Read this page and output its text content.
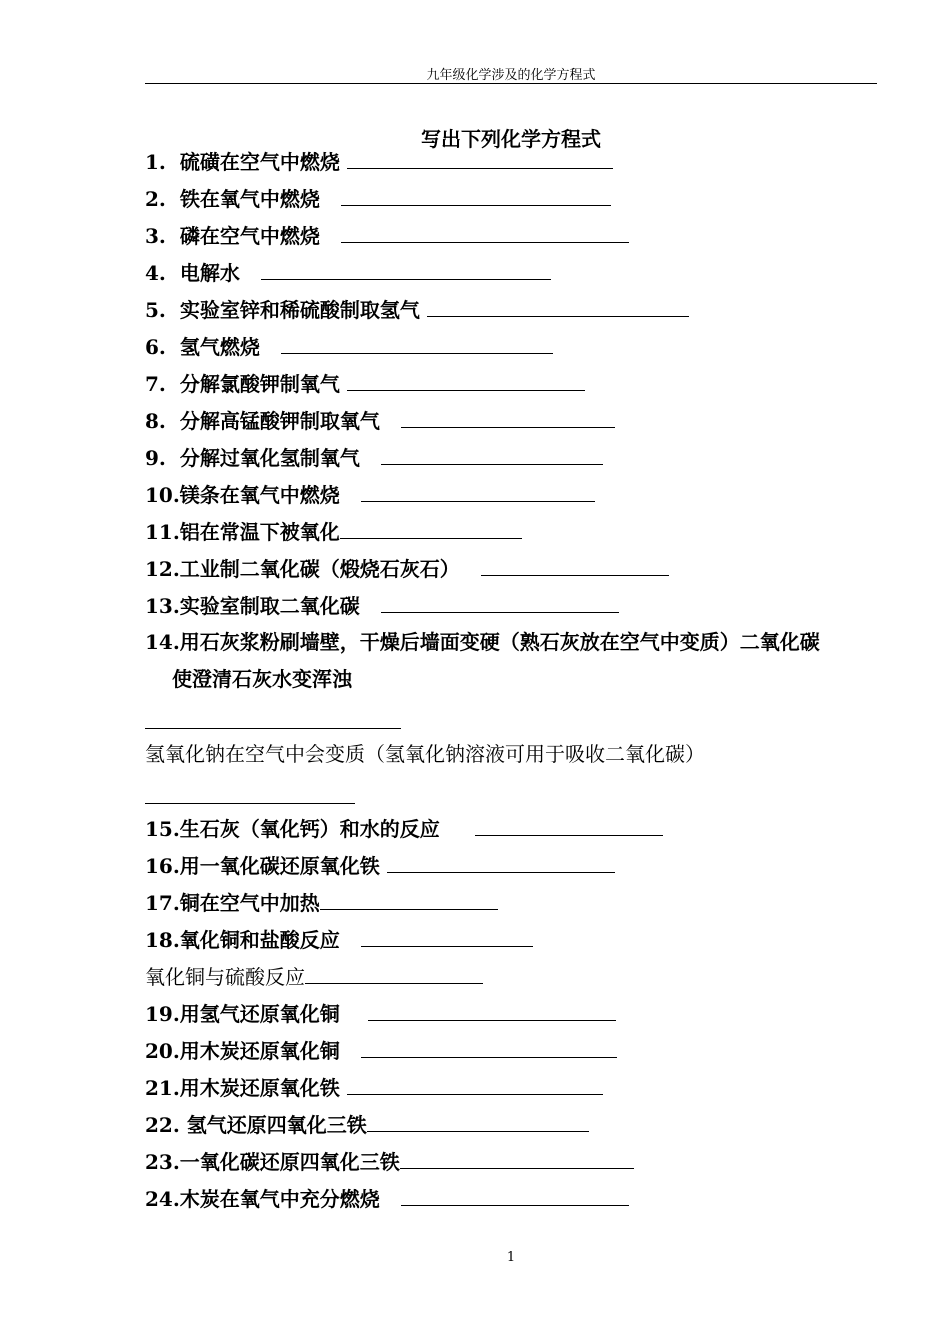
九年级化学涉及的化学方程式
写出下列化学方程式
1. 硫磺在空气中燃烧
2. 铁在氧气中燃烧
3. 磷在空气中燃烧
4. 电解水
5. 实验室锌和稀硫酸制取氢气
6. 氢气燃烧
7. 分解氯酸钾制氧气
8. 分解高锰酸钾制取氧气
9. 分解过氧化氢制氧气
10.镁条在氧气中燃烧
11.铝在常温下被氧化
12.工业制二氧化碳（煅烧石灰石）
13.实验室制取二氧化碳
14.用石灰浆粉刷墙壁，干燥后墙面变硬（熟石灰放在空气中变质）二氧化碳
使澄清石灰水变浑浊
氢氧化钠在空气中会变质（氢氧化钠溶液可用于吸收二氧化碳）
15.生石灰（氧化钙）和水的反应
16.用一氧化碳还原氧化铁
17.铜在空气中加热
18.氧化铜和盐酸反应
氧化铜与硫酸反应
19.用氢气还原氧化铜
20.用木炭还原氧化铜
21.用木炭还原氧化铁
22. 氢气还原四氧化三铁
23.一氧化碳还原四氧化三铁
24.木炭在氧气中充分燃烧
1
